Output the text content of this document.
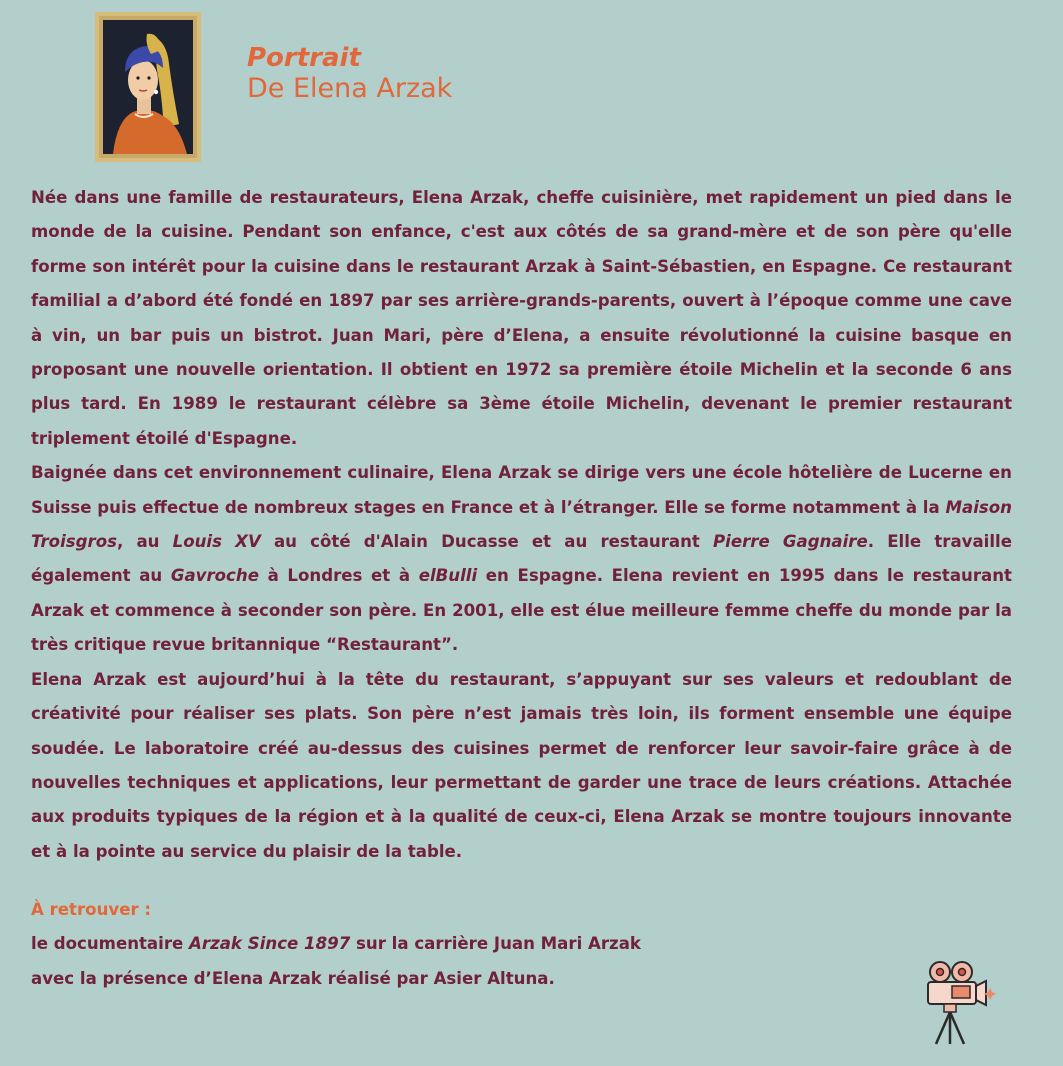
Portrait
De Elena Arzak

Née dans une famille de restaurateurs, Elena Arzak, cheffe cuisinière, met rapidement un pied dans le monde de la cuisine. Pendant son enfance, c'est aux côtés de sa grand-mère et de son père qu'elle forme son intérêt pour la cuisine dans le restaurant Arzak à Saint-Sébastien, en Espagne. Ce restaurant familial a d’abord été fondé en 1897 par ses arrière-grands-parents, ouvert à l’époque comme une cave à vin, un bar puis un bistrot. Juan Mari, père d’Elena, a ensuite révolutionné la cuisine basque en proposant une nouvelle orientation. Il obtient en 1972 sa première étoile Michelin et la seconde 6 ans plus tard. En 1989 le restaurant célèbre sa 3ème étoile Michelin, devenant le premier restaurant triplement étoilé d'Espagne.

Baignée dans cet environnement culinaire, Elena Arzak se dirige vers une école hôtelière de Lucerne en Suisse puis effectue de nombreux stages en France et à l’étranger. Elle se forme notamment à la Maison Troisgros, au Louis XV au côté d'Alain Ducasse et au restaurant Pierre Gagnaire. Elle travaille également au Gavroche à Londres et à elBulli en Espagne. Elena revient en 1995 dans le restaurant Arzak et commence à seconder son père. En 2001, elle est élue meilleure femme cheffe du monde par la très critique revue britannique “Restaurant”.

Elena Arzak est aujourd’hui à la tête du restaurant, s’appuyant sur ses valeurs et redoublant de créativité pour réaliser ses plats. Son père n’est jamais très loin, ils forment ensemble une équipe soudée. Le laboratoire créé au-dessus des cuisines permet de renforcer leur savoir-faire grâce à de nouvelles techniques et applications, leur permettant de garder une trace de leurs créations. Attachée aux produits typiques de la région et à la qualité de ceux-ci, Elena Arzak se montre toujours innovante et à la pointe au service du plaisir de la table.

À retrouver :

le documentaire Arzak Since 1897 sur la carrière Juan Mari Arzak

avec la présence d’Elena Arzak réalisé par Asier Altuna.
